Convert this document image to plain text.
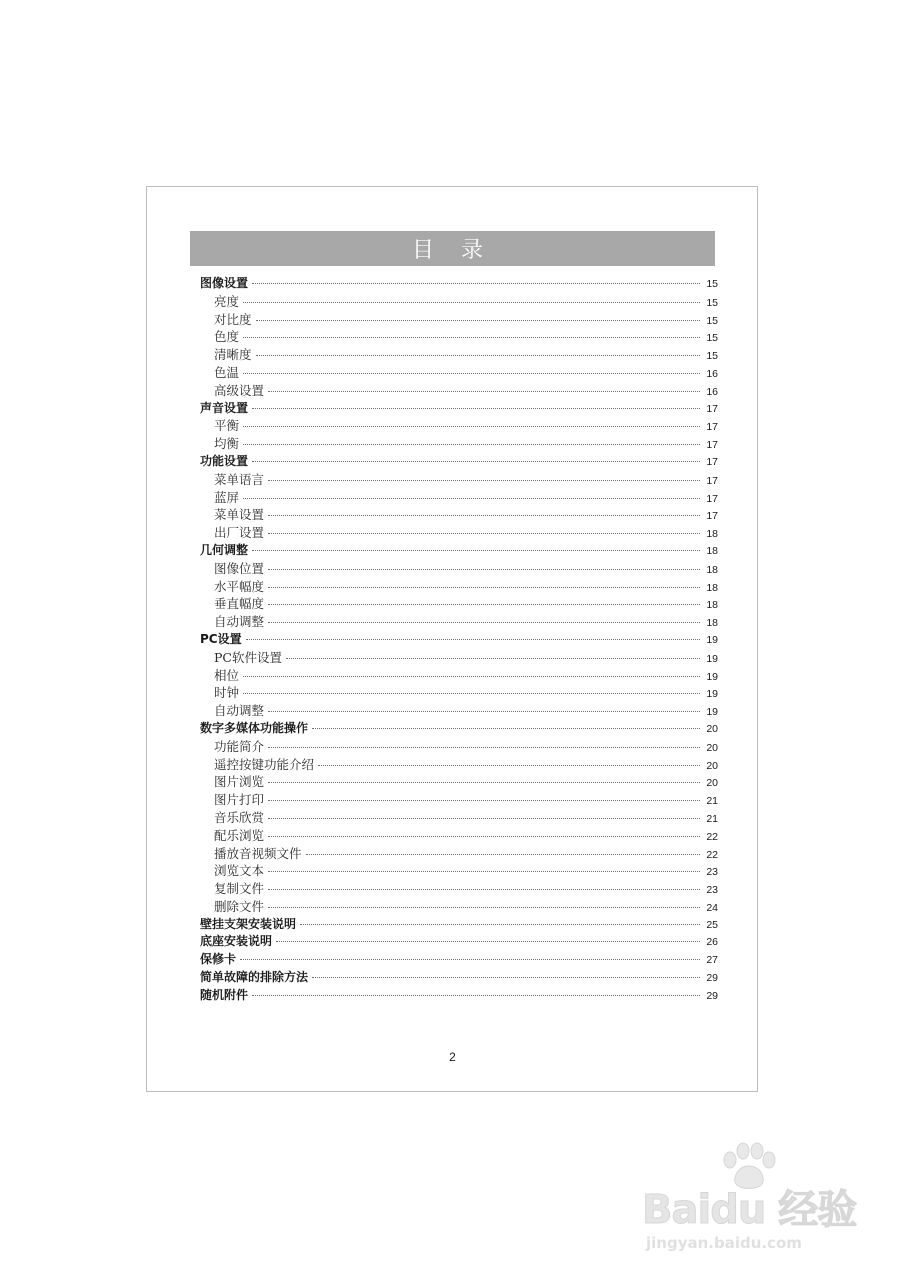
目 录
图像设置	15
亮度	15
对比度	15
色度	15
清晰度	15
色温	16
高级设置	16
声音设置	17
平衡	17
均衡	17
功能设置	17
菜单语言	17
蓝屏	17
菜单设置	17
出厂设置	18
几何调整	18
图像位置	18
水平幅度	18
垂直幅度	18
自动调整	18
PC设置	19
PC软件设置	19
相位	19
时钟	19
自动调整	19
数字多媒体功能操作	20
功能简介	20
遥控按键功能介绍	20
图片浏览	20
图片打印	21
音乐欣赏	21
配乐浏览	22
播放音视频文件	22
浏览文本	23
复制文件	23
删除文件	24
壁挂支架安装说明	25
底座安装说明	26
保修卡	27
简单故障的排除方法	29
随机附件	29
2
Baidu 经验
jingyan.baidu.com
